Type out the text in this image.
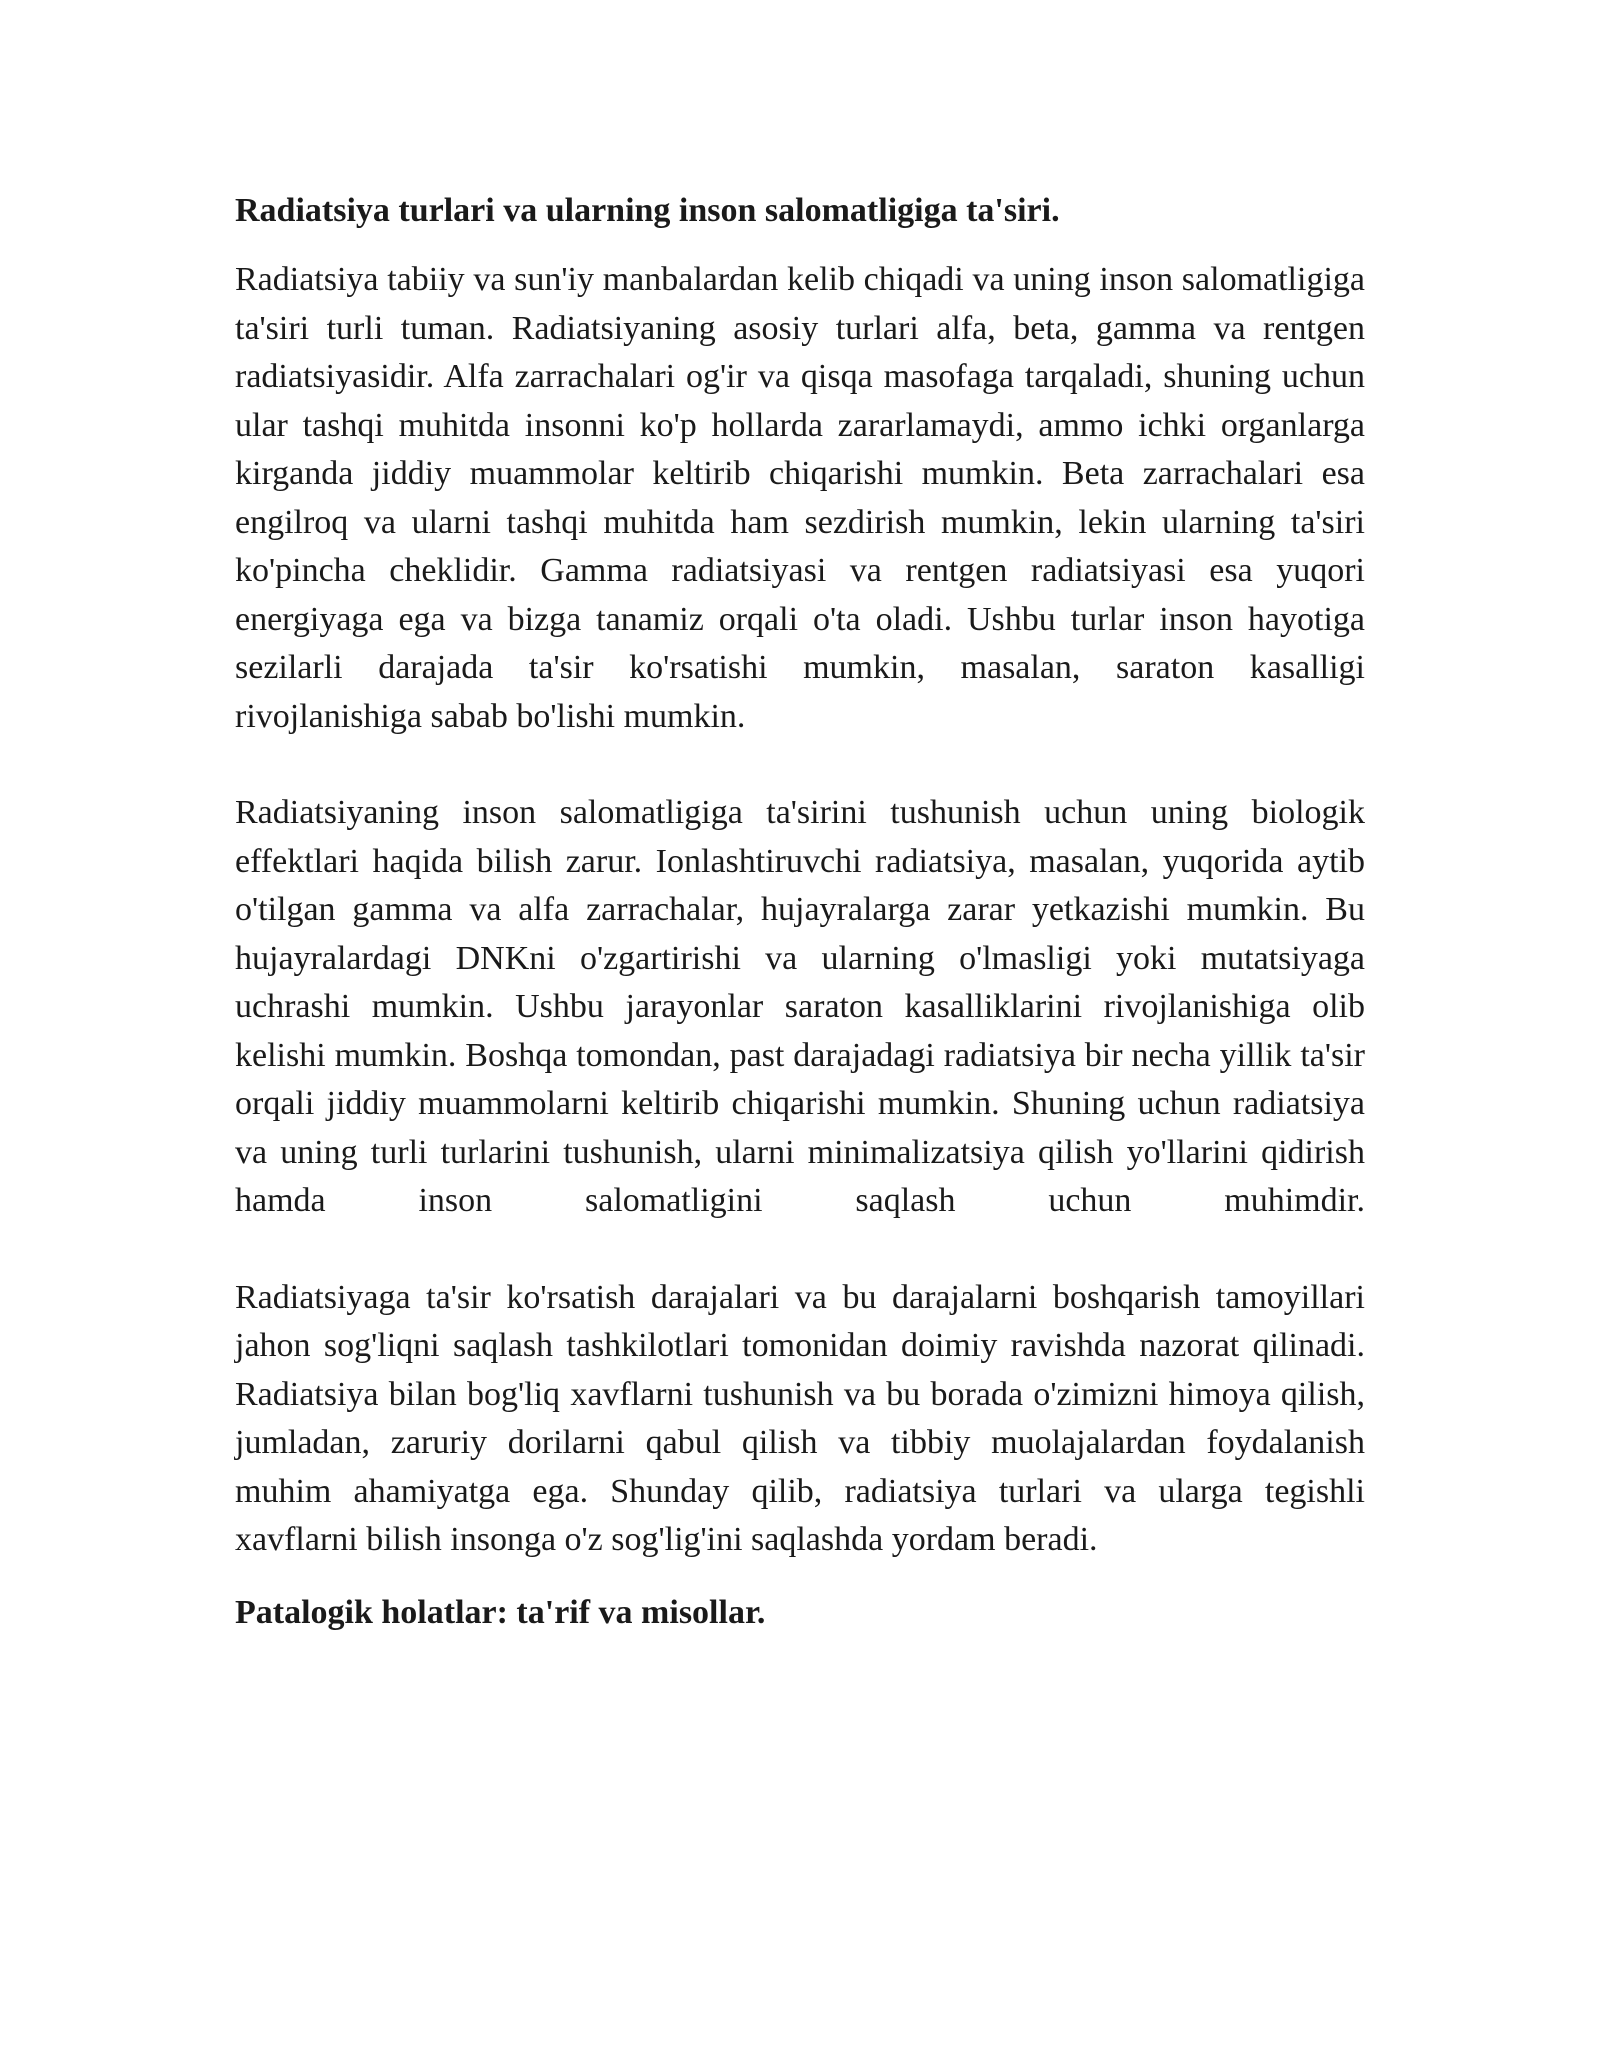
Radiatsiya turlari va ularning inson salomatligiga ta'siri.

Radiatsiya tabiiy va sun'iy manbalardan kelib chiqadi va uning inson salomatligiga ta'siri turli tuman. Radiatsiyaning asosiy turlari alfa, beta, gamma va rentgen radiatsiyasidir. Alfa zarrachalari og'ir va qisqa masofaga tarqaladi, shuning uchun ular tashqi muhitda insonni ko'p hollarda zararlamaydi, ammo ichki organlarga kirganda jiddiy muammolar keltirib chiqarishi mumkin. Beta zarrachalari esa engilroq va ularni tashqi muhitda ham sezdirish mumkin, lekin ularning ta'siri ko'pincha cheklidir. Gamma radiatsiyasi va rentgen radiatsiyasi esa yuqori energiyaga ega va bizga tanamiz orqali o'ta oladi. Ushbu turlar inson hayotiga sezilarli darajada ta'sir ko'rsatishi mumkin, masalan, saraton kasalligi rivojlanishiga sabab bo'lishi mumkin.

Radiatsiyaning inson salomatligiga ta'sirini tushunish uchun uning biologik effektlari haqida bilish zarur. Ionlashtiruvchi radiatsiya, masalan, yuqorida aytib o'tilgan gamma va alfa zarrachalar, hujayralarga zarar yetkazishi mumkin. Bu hujayralardagi DNKni o'zgartirishi va ularning o'lmasligi yoki mutatsiyaga uchrashi mumkin. Ushbu jarayonlar saraton kasalliklarini rivojlanishiga olib kelishi mumkin. Boshqa tomondan, past darajadagi radiatsiya bir necha yillik ta'sir orqali jiddiy muammolarni keltirib chiqarishi mumkin. Shuning uchun radiatsiya va uning turli turlarini tushunish, ularni minimalizatsiya qilish yo'llarini qidirish hamda inson salomatligini saqlash uchun muhimdir.

Radiatsiyaga ta'sir ko'rsatish darajalari va bu darajalarni boshqarish tamoyillari jahon sog'liqni saqlash tashkilotlari tomonidan doimiy ravishda nazorat qilinadi. Radiatsiya bilan bog'liq xavflarni tushunish va bu borada o'zimizni himoya qilish, jumladan, zaruriy dorilarni qabul qilish va tibbiy muolajalardan foydalanish muhim ahamiyatga ega. Shunday qilib, radiatsiya turlari va ularga tegishli xavflarni bilish insonga o'z sog'lig'ini saqlashda yordam beradi.

Patalogik holatlar: ta'rif va misollar.
